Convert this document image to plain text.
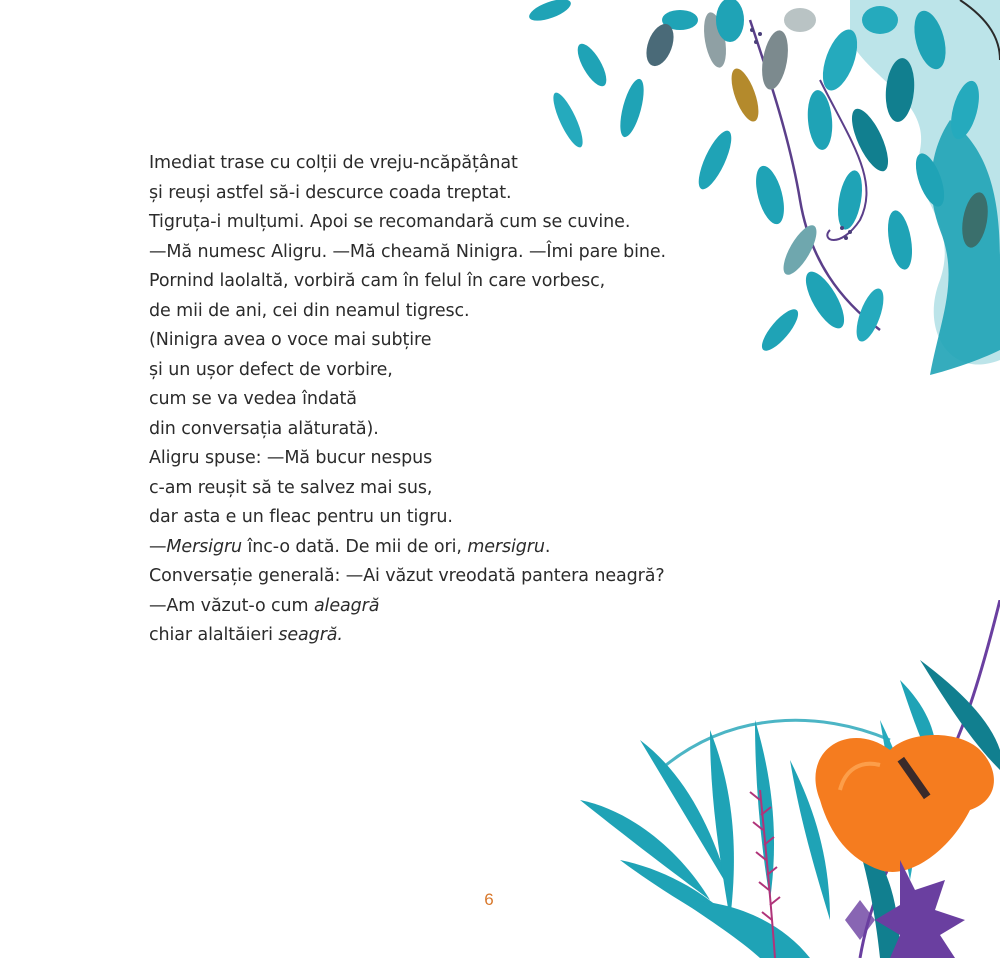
Imediat trase cu colții de vreju-ncăpățânat
și reuși astfel să-i descurce coada treptat.
Tigruța-i mulțumi. Apoi se recomandară cum se cuvine.
—Mă numesc Aligru. —Mă cheamă Ninigra. —Îmi pare bine.
Pornind laolaltă, vorbiră cam în felul în care vorbesc,
de mii de ani, cei din neamul tigresc.
(Ninigra avea o voce mai subțire
și un ușor defect de vorbire,
cum se va vedea îndată
din conversația alăturată).
Aligru spuse: —Mă bucur nespus
c-am reușit să te salvez mai sus,
dar asta e un fleac pentru un tigru.
—Mersigru înc-o dată. De mii de ori, mersigru.
Conversație generală: —Ai văzut vreodată pantera neagră?
—Am văzut-o cum aleagră
chiar alaltăieri seagră.
6
